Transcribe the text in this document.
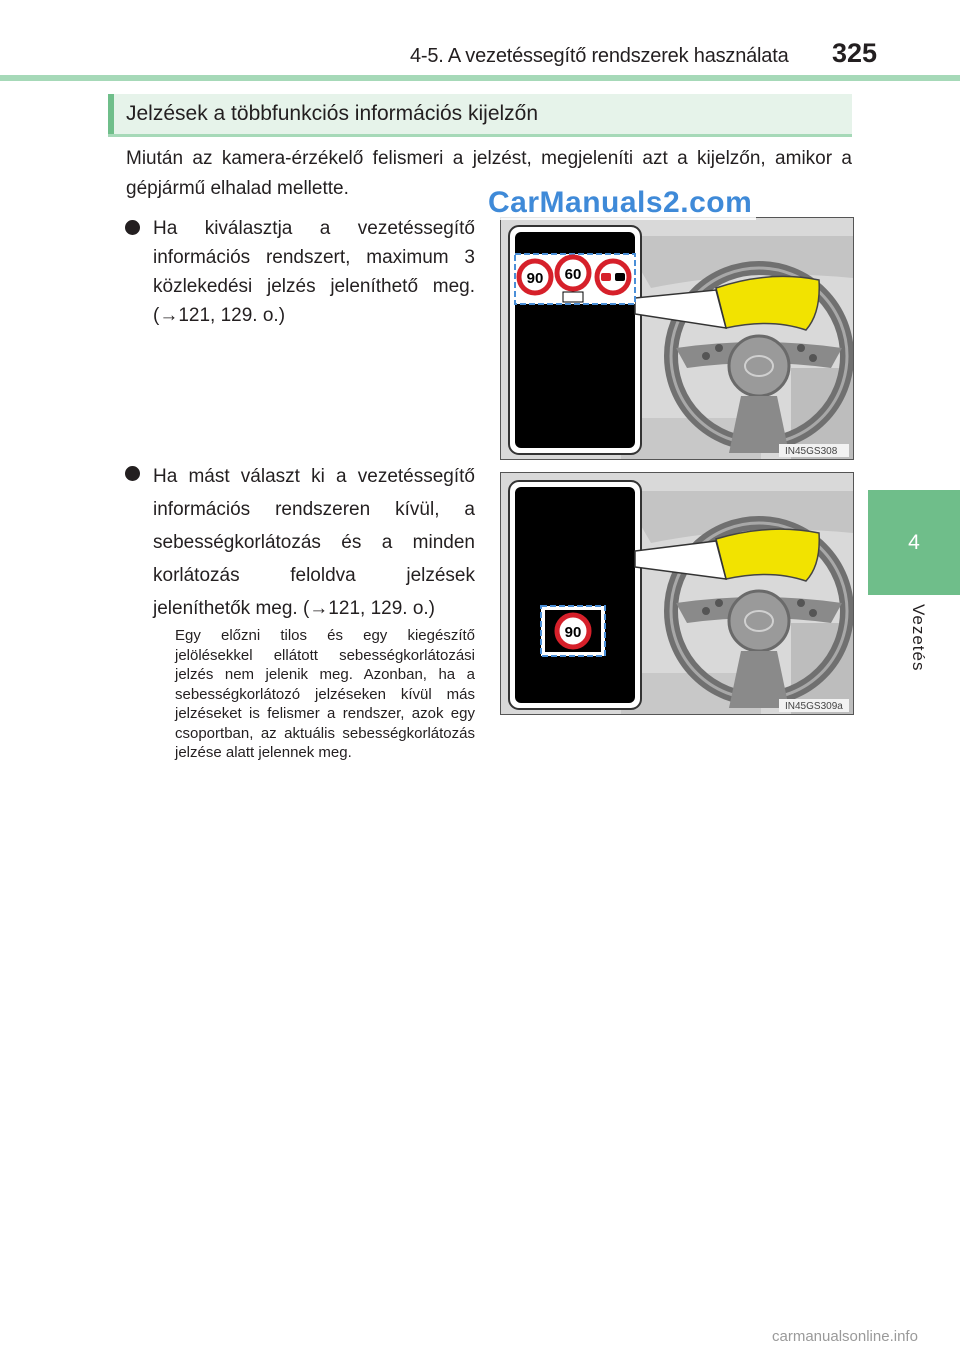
4-5. A vezetéssegítő rendszerek használata 325
4
Vezetés
Jelzések a többfunkciós információs kijelzőn
Miután az kamera-érzékelő felismeri a jelzést, megjeleníti azt a kijelzőn, amikor a gépjármű elhalad mellette.
Ha kiválasztja a vezetéssegítő információs rendszert, maximum 3 közlekedési jelzés jeleníthető meg. (→121, 129. o.)
Ha mást választ ki a vezetéssegítő információs rendszeren kívül, a sebességkorlátozás és a minden korlátozás feloldva jelzések jeleníthetők meg. (→121, 129. o.)
Egy előzni tilos és egy kiegészítő jelölésekkel ellátott sebességkorlátozási jelzés nem jelenik meg. Azonban, ha a sebességkorlátozó jelzéseken kívül más jelzéseket is felismer a rendszer, azok egy csoportban, az aktuális sebességkorlátozás jelzése alatt jelennek meg.
90 60
IN45GS308
90
IN45GS309a
CarManuals2.com
carmanualsonline.info
